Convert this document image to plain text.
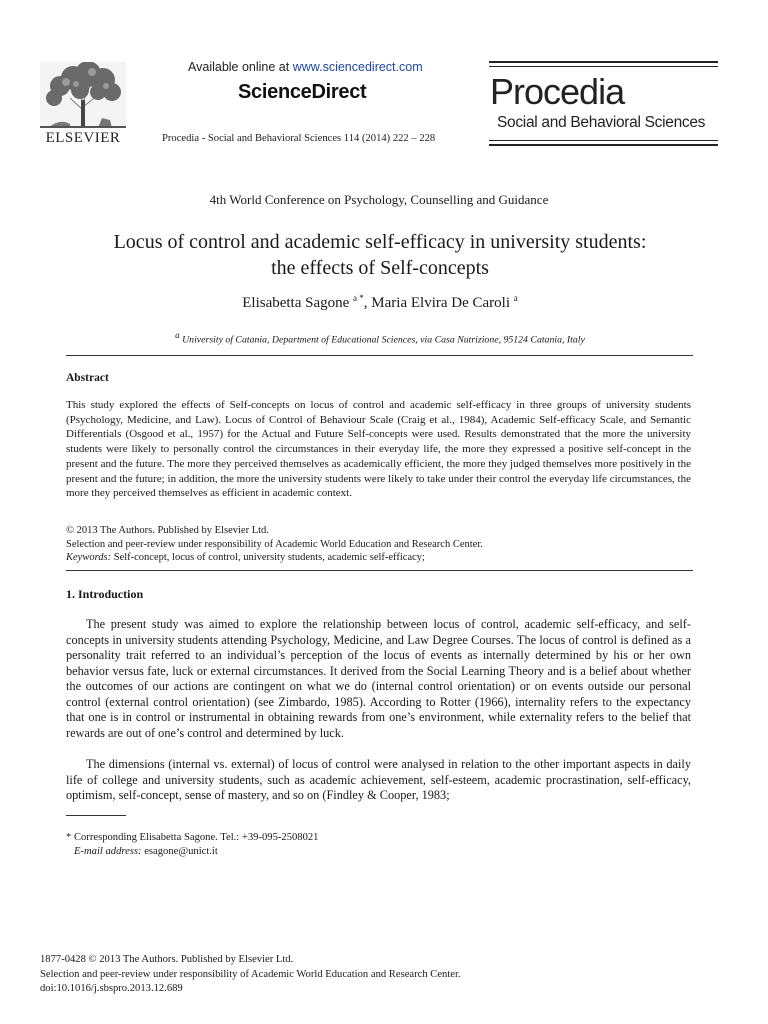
ELSEVIER
Available online at www.sciencedirect.com
ScienceDirect
Procedia - Social and Behavioral Sciences 114 (2014) 222 – 228
Procedia
Social and Behavioral Sciences
4th World Conference on Psychology, Counselling and Guidance
Locus of control and academic self-efficacy in university students:
the effects of Self-concepts
Elisabetta Sagone $^{a *}$, Maria Elvira De Caroli $^a$
$^a$ University of Catania, Department of Educational Sciences, via Casa Nutrizione, 95124 Catania, Italy
Abstract
This study explored the effects of Self-concepts on locus of control and academic self-efficacy in three groups of university students (Psychology, Medicine, and Law). Locus of Control of Behaviour Scale (Craig et al., 1984), Academic Self-efficacy Scale, and Semantic Differentials (Osgood et al., 1957) for the Actual and Future Self-concepts were used. Results demonstrated that the more the university students were likely to personally control the circumstances in their everyday life, the more they expressed a positive self-concept in the present and the future. The more they perceived themselves as academically efficient, the more they judged themselves more positively in the present and the future; in addition, the more the university students were likely to take under their control the everyday life circumstances, the more they perceived themselves as efficient in academic context.
© 2013 The Authors. Published by Elsevier Ltd.
Selection and peer-review under responsibility of Academic World Education and Research Center.
Keywords: Self-concept, locus of control, university students, academic self-efficacy;
1. Introduction
The present study was aimed to explore the relationship between locus of control, academic self-efficacy, and self-concepts in university students attending Psychology, Medicine, and Law Degree Courses. The locus of control is defined as a personality trait referred to an individual’s perception of the locus of events as internally determined by his or her own behavior versus fate, luck or external circumstances. It derived from the Social Learning Theory and is a belief about whether the outcomes of our actions are contingent on what we do (internal control orientation) or on events outside our personal control (external control orientation) (see Zimbardo, 1985). According to Rotter (1966), internality refers to the expectancy that one is in control or instrumental in obtaining rewards from one’s environment, while externality refers to the belief that rewards are out of one’s control and determined by luck.
The dimensions (internal vs. external) of locus of control were analysed in relation to the other important aspects in daily life of college and university students, such as academic achievement, self-esteem, academic procrastination, self-efficacy, optimism, self-concept, sense of mastery, and so on (Findley & Cooper, 1983;
* Corresponding Elisabetta Sagone. Tel.: +39-095-2508021
E-mail address: esagone@unict.it
1877-0428 © 2013 The Authors. Published by Elsevier Ltd.
Selection and peer-review under responsibility of Academic World Education and Research Center.
doi:10.1016/j.sbspro.2013.12.689
